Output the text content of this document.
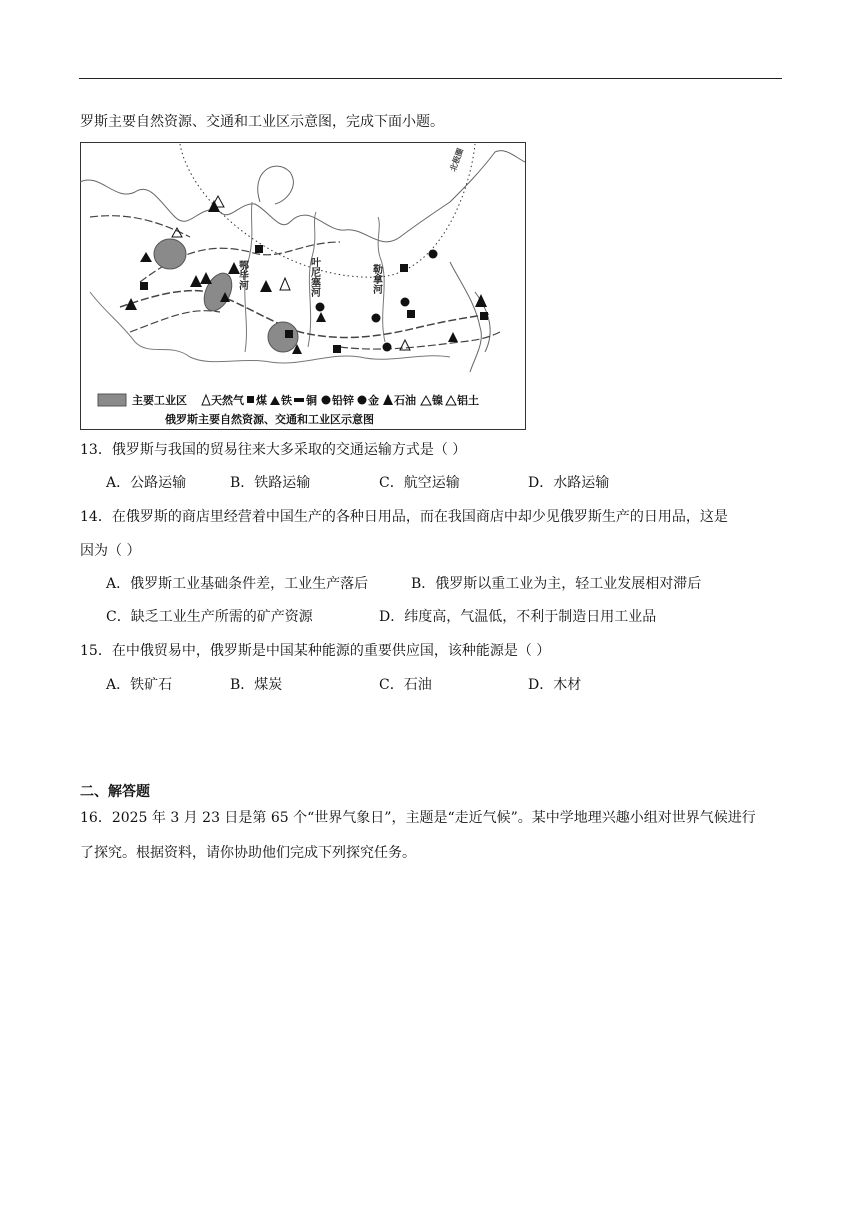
罗斯主要自然资源、交通和工业区示意图，完成下面小题。
鄂毕河	叶尼塞河	勒拿河
北极圈
主要工业区 天然气 煤 铁 铜 铅锌 金 石油 镍 铝土
俄罗斯主要自然资源、交通和工业区示意图
13．俄罗斯与我国的贸易往来大多采取的交通运输方式是（ ）
A．公路运输	B．铁路运输	C．航空运输	D．水路运输
14．在俄罗斯的商店里经营着中国生产的各种日用品，而在我国商店中却少见俄罗斯生产的日用品，这是
因为（ ）
A．俄罗斯工业基础条件差，工业生产落后	B．俄罗斯以重工业为主，轻工业发展相对滞后
C．缺乏工业生产所需的矿产资源	D．纬度高，气温低，不利于制造日用工业品
15．在中俄贸易中，俄罗斯是中国某种能源的重要供应国，该种能源是（ ）
A．铁矿石	B．煤炭	C．石油	D．木材
二、解答题
16．2025 年 3 月 23 日是第 65 个“世界气象日”，主题是“走近气候”。某中学地理兴趣小组对世界气候进行
了探究。根据资料，请你协助他们完成下列探究任务。
